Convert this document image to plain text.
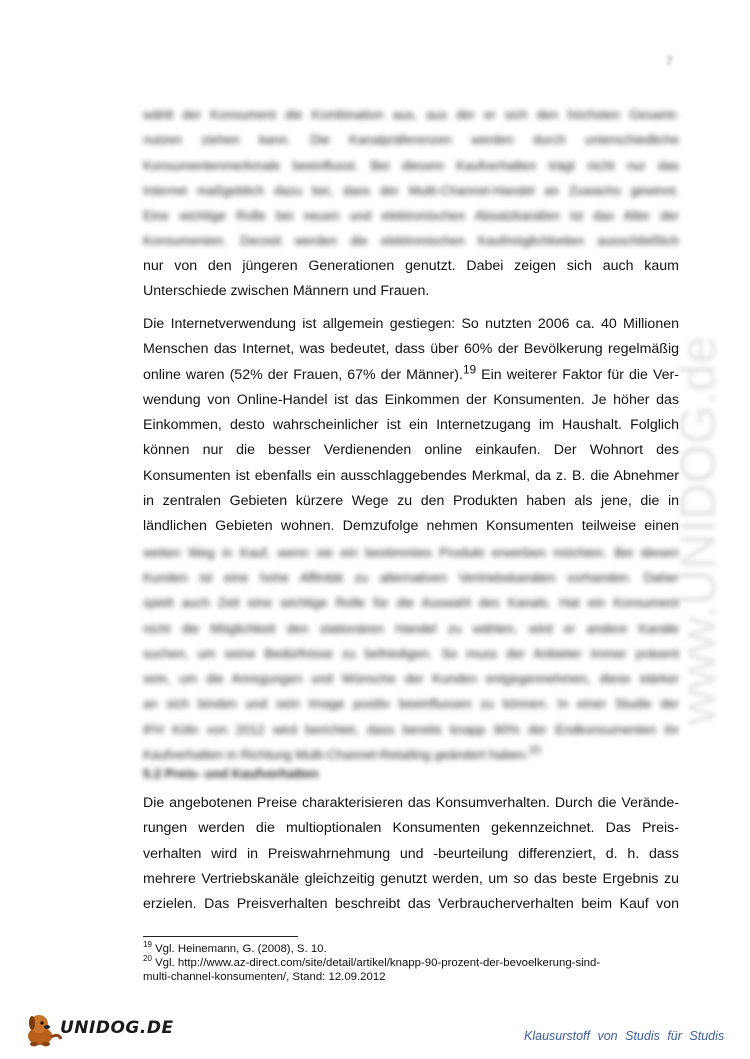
7
wählt der Konsument die Kombination aus, aus der er sich den höchsten Gesamt-
nutzen ziehen kann. Die Kanalpräferenzen werden durch unterschiedliche
Konsumentenmerkmale beeinflusst. Bei diesem Kaufverhalten trägt nicht nur das
Internet maßgeblich dazu bei, dass der Multi-Channel-Handel an Zuwachs gewinnt.
Eine wichtige Rolle bei neuen und elektronischen Absatzkanälen ist das Alter der
Konsumenten. Derzeit werden die elektronischen Kaufmöglichkeiten ausschließlich
nur von den jüngeren Generationen genutzt. Dabei zeigen sich auch kaum
Unterschiede zwischen Männern und Frauen.
Die Internetverwendung ist allgemein gestiegen: So nutzten 2006 ca. 40 Millionen
Menschen das Internet, was bedeutet, dass über 60% der Bevölkerung regelmäßig
online waren (52% der Frauen, 67% der Männer).$^{19}$ Ein weiterer Faktor für die Ver-
wendung von Online-Handel ist das Einkommen der Konsumenten. Je höher das
Einkommen, desto wahrscheinlicher ist ein Internetzugang im Haushalt. Folglich
können nur die besser Verdienenden online einkaufen. Der Wohnort des
Konsumenten ist ebenfalls ein ausschlaggebendes Merkmal, da z. B. die Abnehmer
in zentralen Gebieten kürzere Wege zu den Produkten haben als jene, die in
ländlichen Gebieten wohnen. Demzufolge nehmen Konsumenten teilweise einen
weiten Weg in Kauf, wenn sie ein bestimmtes Produkt erwerben möchten. Bei diesen
Kunden ist eine hohe Affinität zu alternativen Vertriebskanälen vorhanden. Daher
spielt auch Zeit eine wichtige Rolle für die Auswahl des Kanals. Hat ein Konsument
nicht die Möglichkeit den stationären Handel zu wählen, wird er andere Kanäle
suchen, um seine Bedürfnisse zu befriedigen. So muss der Anbieter immer präsent
sein, um die Anregungen und Wünsche der Kunden entgegennehmen, diese stärker
an sich binden und sein Image positiv beeinflussen zu können. In einer Studie der
IFH Köln von 2012 wird berichtet, dass bereits knapp 90% der Endkonsumenten ihr
Kaufverhalten in Richtung Multi-Channel-Retailing geändert haben.$^{20}$
5.2 Preis- und Kaufverhalten
Die angebotenen Preise charakterisieren das Konsumverhalten. Durch die Verände-
rungen werden die multioptionalen Konsumenten gekennzeichnet. Das Preis-
verhalten wird in Preiswahrnehmung und -beurteilung differenziert, d. h. dass
mehrere Vertriebskanäle gleichzeitig genutzt werden, um so das beste Ergebnis zu
erzielen. Das Preisverhalten beschreibt das Verbraucherverhalten beim Kauf von
www.UNIDOG.de
$^{19}$ Vgl. Heinemann, G. (2008), S. 10.
$^{20}$ Vgl. http://www.az-direct.com/site/detail/artikel/knapp-90-prozent-der-bevoelkerung-sind-
multi-channel-konsumenten/, Stand: 12.09.2012
UNIDOG.DE	Klausurstoff von Studis für Studis
